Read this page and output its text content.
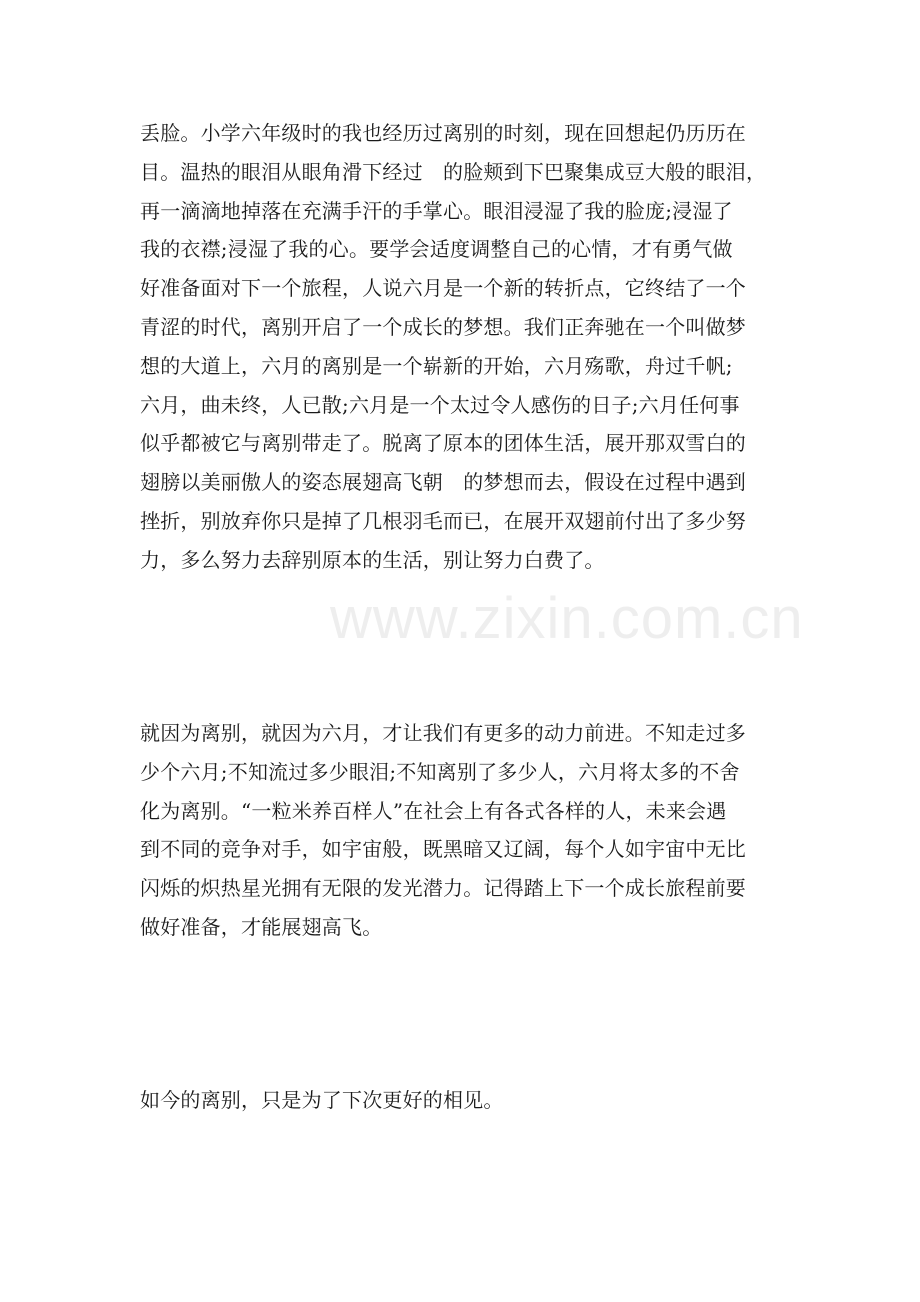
www.zixin.com.cn
丢脸。小学六年级时的我也经历过离别的时刻，现在回想起仍历历在
目。温热的眼泪从眼角滑下经过　的脸颊到下巴聚集成豆大般的眼泪，
再一滴滴地掉落在充满手汗的手掌心。眼泪浸湿了我的脸庞;浸湿了
我的衣襟;浸湿了我的心。要学会适度调整自己的心情，才有勇气做
好准备面对下一个旅程，人说六月是一个新的转折点，它终结了一个
青涩的时代，离别开启了一个成长的梦想。我们正奔驰在一个叫做梦
想的大道上，六月的离别是一个崭新的开始，六月殇歌，舟过千帆;
六月，曲未终，人已散;六月是一个太过令人感伤的日子;六月任何事
似乎都被它与离别带走了。脱离了原本的团体生活，展开那双雪白的
翅膀以美丽傲人的姿态展翅高飞朝　的梦想而去，假设在过程中遇到
挫折，别放弃你只是掉了几根羽毛而已，在展开双翅前付出了多少努
力，多么努力去辞别原本的生活，别让努力白费了。
就因为离别，就因为六月，才让我们有更多的动力前进。不知走过多
少个六月;不知流过多少眼泪;不知离别了多少人，六月将太多的不舍
化为离别。“一粒米养百样人”在社会上有各式各样的人，未来会遇
到不同的竞争对手，如宇宙般，既黑暗又辽阔，每个人如宇宙中无比
闪烁的炽热星光拥有无限的发光潜力。记得踏上下一个成长旅程前要
做好准备，才能展翅高飞。
如今的离别，只是为了下次更好的相见。
